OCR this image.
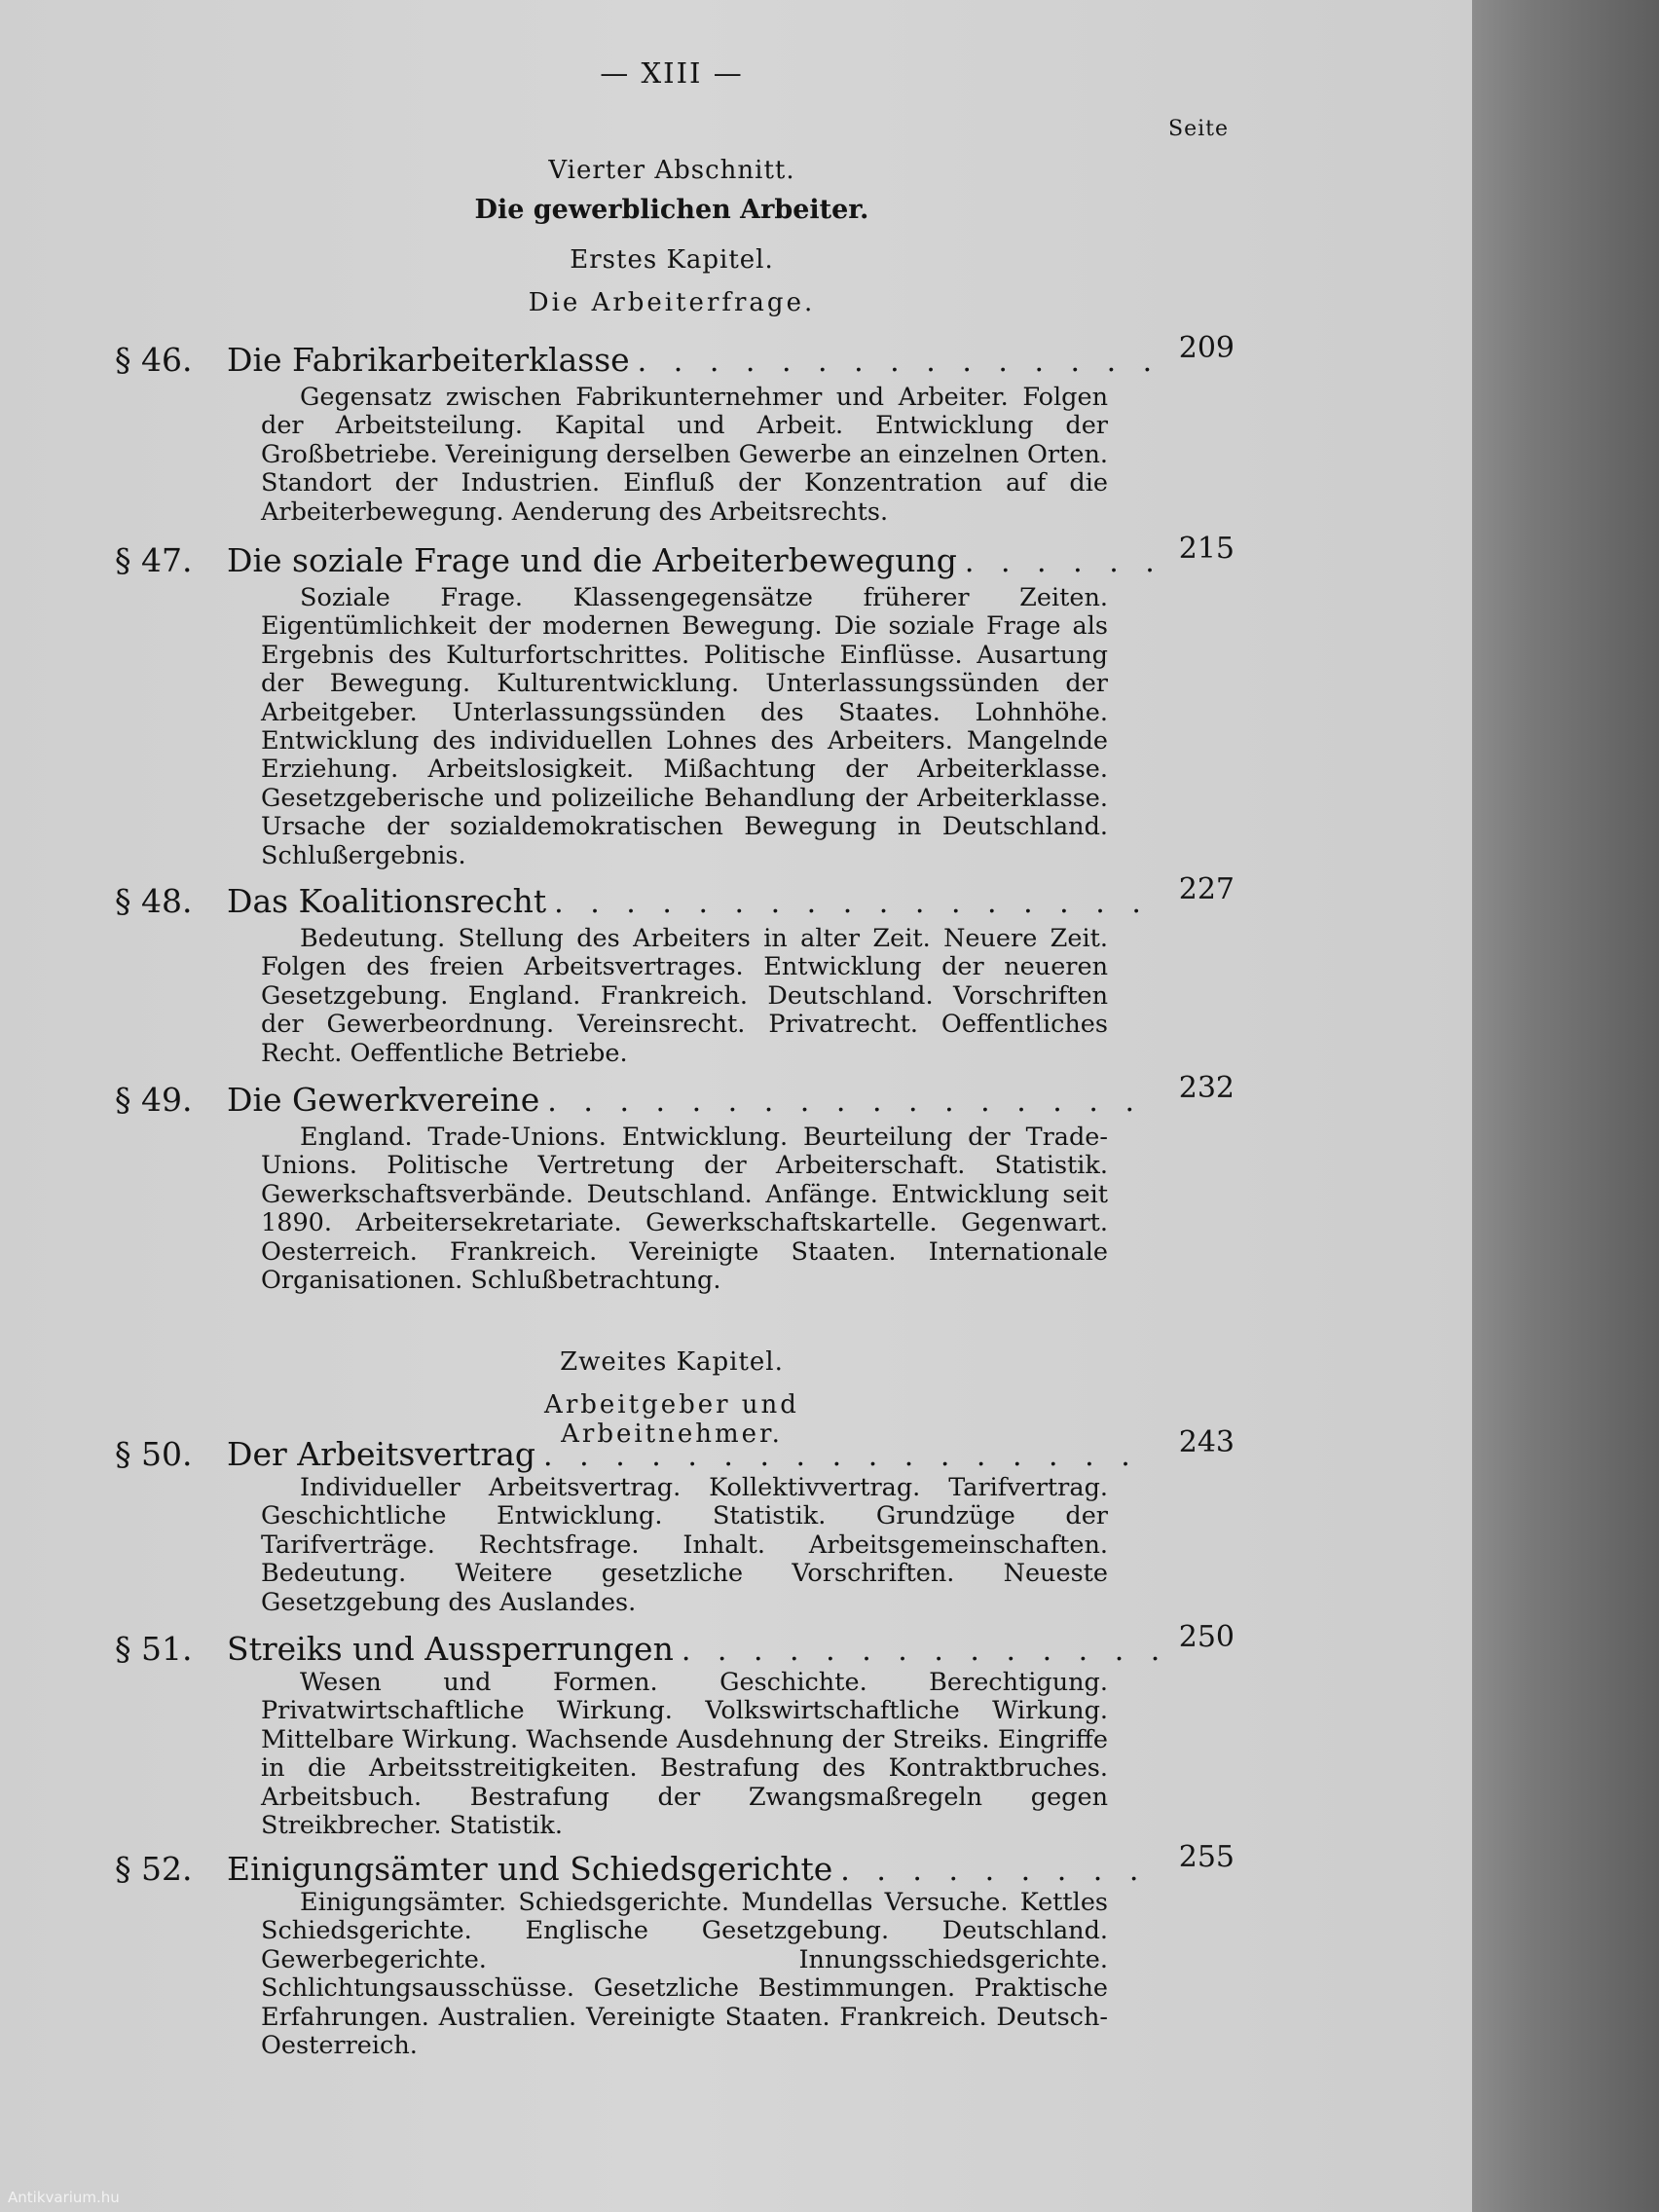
— XIII —
Seite
Vierter Abschnitt.
Die gewerblichen Arbeiter.
Erstes Kapitel.
Die Arbeiterfrage.
§ 46.	Die Fabrikarbeiterklasse . . .	209
Gegensatz zwischen Fabrikunternehmer und Arbeiter. Folgen der Arbeitsteilung. Kapital und Arbeit. Entwicklung der Großbetriebe. Vereinigung derselben Gewerbe an einzelnen Orten. Standort der Industrien. Einfluß der Konzentration auf die Arbeiterbewegung. Aenderung des Arbeitsrechts.
§ 47.	Die soziale Frage und die Arbeiterbewegung . . .	215
Soziale Frage. Klassengegensätze früherer Zeiten. Eigentümlichkeit der modernen Bewegung. Die soziale Frage als Ergebnis des Kulturfortschrittes. Politische Einflüsse. Ausartung der Bewegung. Kulturentwicklung. Unterlassungssünden der Arbeitgeber. Unterlassungssünden des Staates. Lohnhöhe. Entwicklung des individuellen Lohnes des Arbeiters. Mangelnde Erziehung. Arbeitslosigkeit. Mißachtung der Arbeiterklasse. Gesetzgeberische und polizeiliche Behandlung der Arbeiterklasse. Ursache der sozialdemokratischen Bewegung in Deutschland. Schlußergebnis.
§ 48.	Das Koalitionsrecht . . .	227
Bedeutung. Stellung des Arbeiters in alter Zeit. Neuere Zeit. Folgen des freien Arbeitsvertrages. Entwicklung der neueren Gesetzgebung. England. Frankreich. Deutschland. Vorschriften der Gewerbeordnung. Vereinsrecht. Privatrecht. Oeffentliches Recht. Oeffentliche Betriebe.
§ 49.	Die Gewerkvereine . . .	232
England. Trade-Unions. Entwicklung. Beurteilung der Trade-Unions. Politische Vertretung der Arbeiterschaft. Statistik. Gewerkschaftsverbände. Deutschland. Anfänge. Entwicklung seit 1890. Arbeitersekretariate. Gewerkschaftskartelle. Gegenwart. Oesterreich. Frankreich. Vereinigte Staaten. Internationale Organisationen. Schlußbetrachtung.
Zweites Kapitel.
Arbeitgeber und Arbeitnehmer.
§ 50.	Der Arbeitsvertrag . . .	243
Individueller Arbeitsvertrag. Kollektivvertrag. Tarifvertrag. Geschichtliche Entwicklung. Statistik. Grundzüge der Tarifverträge. Rechtsfrage. Inhalt. Arbeitsgemeinschaften. Bedeutung. Weitere gesetzliche Vorschriften. Neueste Gesetzgebung des Auslandes.
§ 51.	Streiks und Aussperrungen . . .	250
Wesen und Formen. Geschichte. Berechtigung. Privatwirtschaftliche Wirkung. Volkswirtschaftliche Wirkung. Mittelbare Wirkung. Wachsende Ausdehnung der Streiks. Eingriffe in die Arbeitsstreitigkeiten. Bestrafung des Kontraktbruches. Arbeitsbuch. Bestrafung der Zwangsmaßregeln gegen Streikbrecher. Statistik.
§ 52.	Einigungsämter und Schiedsgerichte . . .	255
Einigungsämter. Schiedsgerichte. Mundellas Versuche. Kettles Schiedsgerichte. Englische Gesetzgebung. Deutschland. Gewerbegerichte. Innungsschiedsgerichte. Schlichtungsausschüsse. Gesetzliche Bestimmungen. Praktische Erfahrungen. Australien. Vereinigte Staaten. Frankreich. Deutsch-Oesterreich.
Antikvarium.hu
